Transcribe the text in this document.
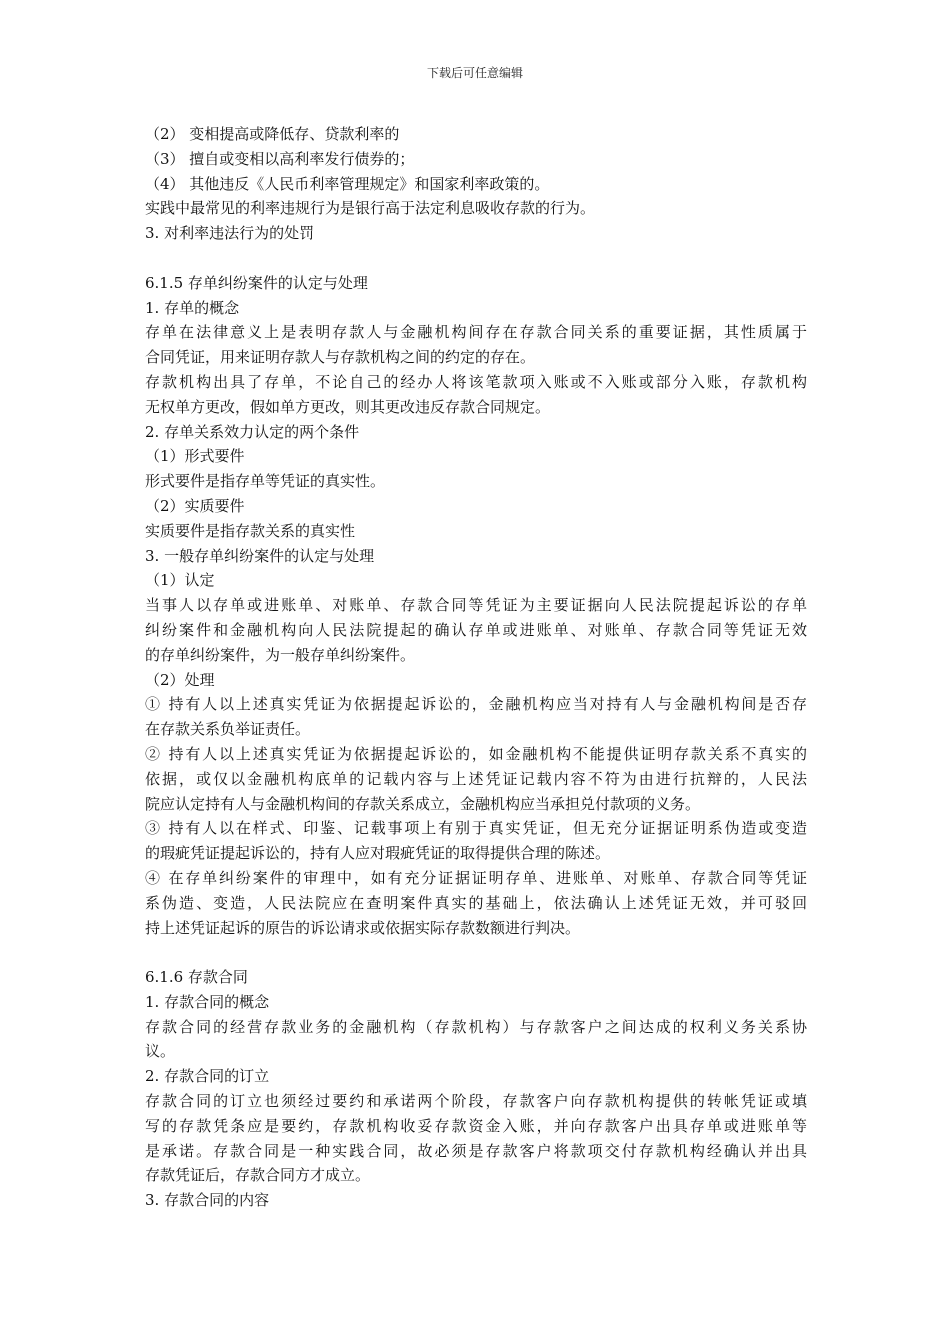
下载后可任意编辑
（2） 变相提高或降低存、贷款利率的
（3） 擅自或变相以高利率发行债券的；
（4） 其他违反《人民币利率管理规定》和国家利率政策的。
实践中最常见的利率违规行为是银行高于法定利息吸收存款的行为。
3. 对利率违法行为的处罚
6.1.5 存单纠纷案件的认定与处理
1. 存单的概念
存单在法律意义上是表明存款人与金融机构间存在存款合同关系的重要证据，其性质属于
合同凭证，用来证明存款人与存款机构之间的约定的存在。
存款机构出具了存单，不论自己的经办人将该笔款项入账或不入账或部分入账，存款机构
无权单方更改，假如单方更改，则其更改违反存款合同规定。
2. 存单关系效力认定的两个条件
（1）形式要件
形式要件是指存单等凭证的真实性。
（2）实质要件
实质要件是指存款关系的真实性
3. 一般存单纠纷案件的认定与处理
（1）认定
当事人以存单或进账单、对账单、存款合同等凭证为主要证据向人民法院提起诉讼的存单
纠纷案件和金融机构向人民法院提起的确认存单或进账单、对账单、存款合同等凭证无效
的存单纠纷案件，为一般存单纠纷案件。
（2）处理
① 持有人以上述真实凭证为依据提起诉讼的，金融机构应当对持有人与金融机构间是否存
在存款关系负举证责任。
② 持有人以上述真实凭证为依据提起诉讼的，如金融机构不能提供证明存款关系不真实的
依据，或仅以金融机构底单的记载内容与上述凭证记载内容不符为由进行抗辩的，人民法
院应认定持有人与金融机构间的存款关系成立，金融机构应当承担兑付款项的义务。
③ 持有人以在样式、印鉴、记载事项上有别于真实凭证，但无充分证据证明系伪造或变造
的瑕疵凭证提起诉讼的，持有人应对瑕疵凭证的取得提供合理的陈述。
④ 在存单纠纷案件的审理中，如有充分证据证明存单、进账单、对账单、存款合同等凭证
系伪造、变造，人民法院应在查明案件真实的基础上，依法确认上述凭证无效，并可驳回
持上述凭证起诉的原告的诉讼请求或依据实际存款数额进行判决。
6.1.6 存款合同
1. 存款合同的概念
存款合同的经营存款业务的金融机构（存款机构）与存款客户之间达成的权利义务关系协
议。
2. 存款合同的订立
存款合同的订立也须经过要约和承诺两个阶段，存款客户向存款机构提供的转帐凭证或填
写的存款凭条应是要约，存款机构收妥存款资金入账，并向存款客户出具存单或进账单等
是承诺。存款合同是一种实践合同，故必须是存款客户将款项交付存款机构经确认并出具
存款凭证后，存款合同方才成立。
3. 存款合同的内容
